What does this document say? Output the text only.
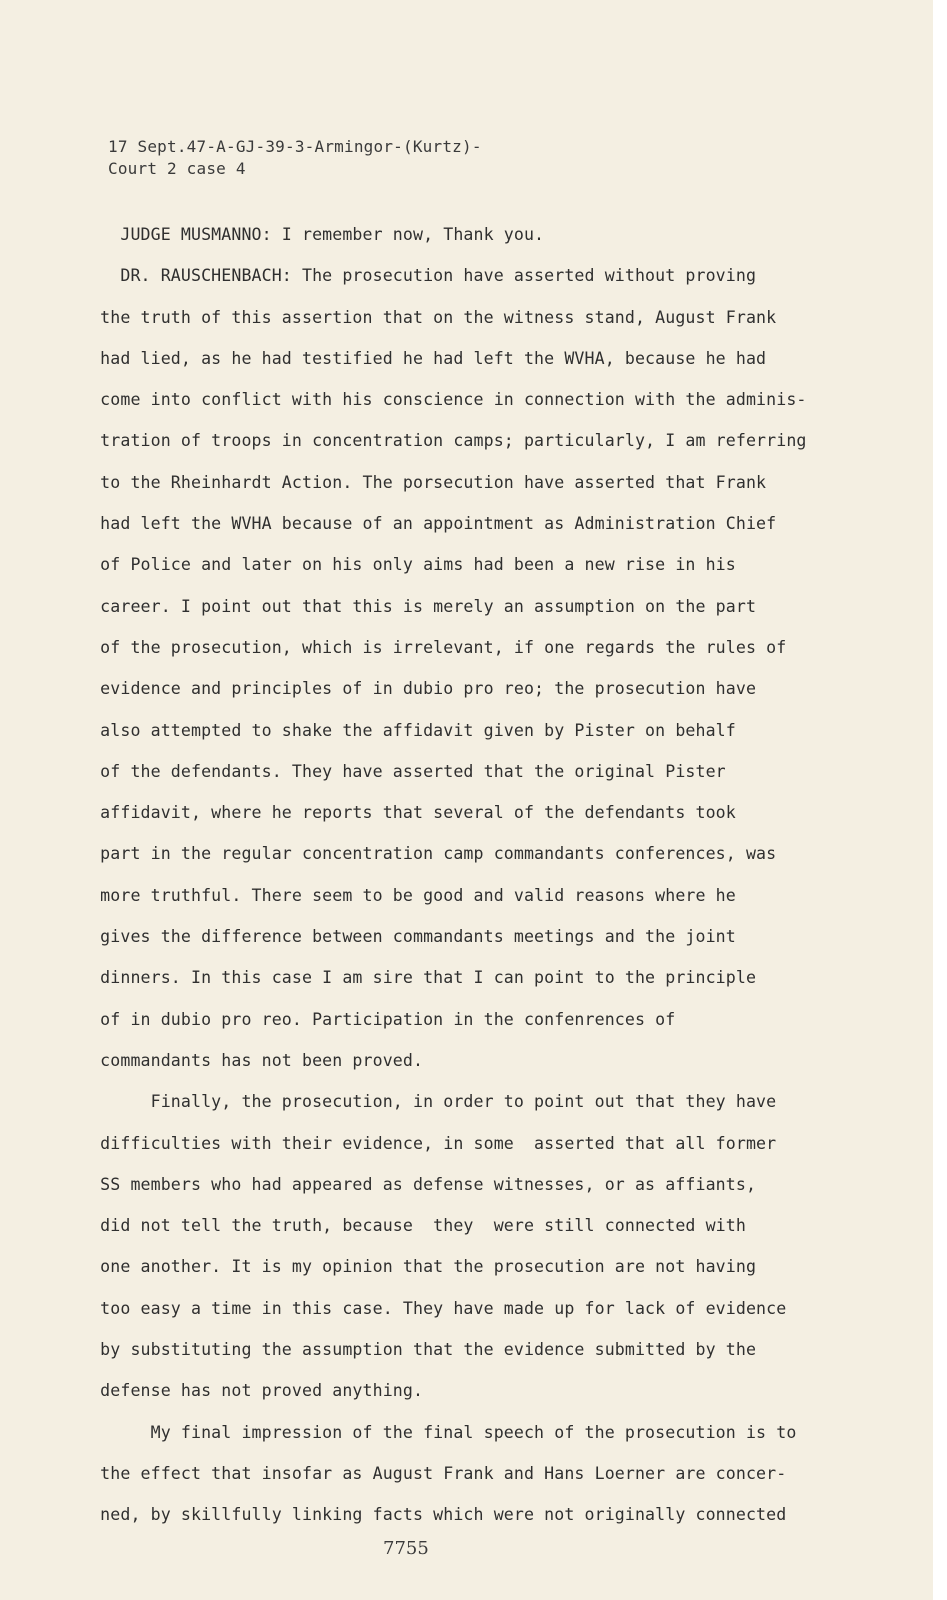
17 Sept.47-A-GJ-39-3-Armingor-(Kurtz)-
Court 2 case 4
JUDGE MUSMANNO: I remember now, Thank you.
DR. RAUSCHENBACH: The prosecution have asserted without proving
the truth of this assertion that on the witness stand, August Frank
had lied, as he had testified he had left the WVHA, because he had
come into conflict with his conscience in connection with the adminis-
tration of troops in concentration camps; particularly, I am referring
to the Rheinhardt Action. The porsecution have asserted that Frank
had left the WVHA because of an appointment as Administration Chief
of Police and later on his only aims had been a new rise in his
career. I point out that this is merely an assumption on the part
of the prosecution, which is irrelevant, if one regards the rules of
evidence and principles of in dubio pro reo; the prosecution have
also attempted to shake the affidavit given by Pister on behalf
of the defendants. They have asserted that the original Pister
affidavit, where he reports that several of the defendants took
part in the regular concentration camp commandants conferences, was
more truthful. There seem to be good and valid reasons where he
gives the difference between commandants meetings and the joint
dinners. In this case I am sire that I can point to the principle
of in dubio pro reo. Participation in the confenrences of
commandants has not been proved.
Finally, the prosecution, in order to point out that they have
difficulties with their evidence, in some  asserted that all former
SS members who had appeared as defense witnesses, or as affiants,
did not tell the truth, because  they  were still connected with
one another. It is my opinion that the prosecution are not having
too easy a time in this case. They have made up for lack of evidence
by substituting the assumption that the evidence submitted by the
defense has not proved anything.
My final impression of the final speech of the prosecution is to
the effect that insofar as August Frank and Hans Loerner are concer-
ned, by skillfully linking facts which were not originally connected
7755
